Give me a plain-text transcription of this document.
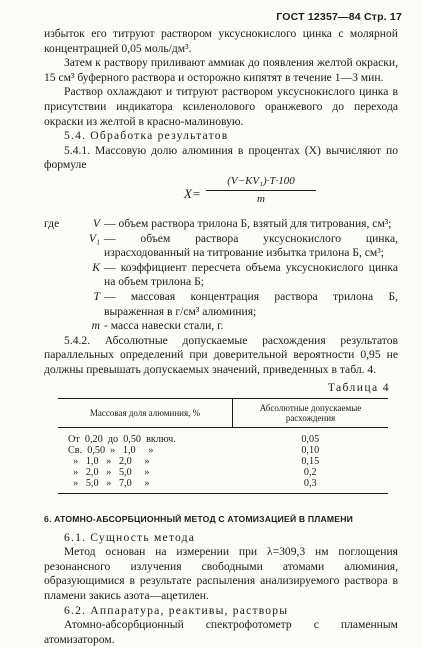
ГОСТ 12357—84 Стр. 17

избыток его титруют раствором уксуснокислого цинка с молярной концентрацией 0,05 моль/дм³.

Затем к раствору приливают аммиак до появления желтой окраски, 15 см³ буферного раствора и осторожно кипятят в течение 1—3 мин.

Раствор охлаждают и титруют раствором уксуснокислого цинка в присутствии индикатора ксиленолового оранжевого до перехода окраски из желтой в красно-малиновую.

5.4. Обработка результатов

5.4.1. Массовую долю алюминия в процентах (X) вычисляют по формуле

$X= \frac{\text{(V−KV₁)·T·100}}{m}$
где	V — объем раствора трилона Б, взятый для титрования, см³;
V₁ — объем раствора уксуснокислого цинка, израсходованный на титрование избытка трилона Б, см³;
K — коэффициент пересчета объема уксуснокислого цинка на объем трилона Б;
T — массовая концентрация раствора трилона Б, выраженная в г/см³ алюминия;
m - масса навески стали, г.

5.4.2. Абсолютные допускаемые расхождения результатов параллельных определений при доверительной вероятности 0,95 не должны превышать допускаемых значений, приведенных в табл. 4.

Таблица 4
Массовая доля алюминия, %	Абсолютные допускаемые расхождения
От  0,20  до  0,50  включ.	0,05
Св.  0,50  »   1,0     »	0,10
»   1,0   »   2,0     »	0,15
»   2,0   »   5,0     »	0,2
»   5,0   »   7,0     »	0,3

6. АТОМНО-АБСОРБЦИОННЫЙ МЕТОД С АТОМИЗАЦИЕЙ В ПЛАМЕНИ

6.1. Сущность метода

Метод основан на измерении при λ=309,3 нм поглощения резонансного излучения свободными атомами алюминия, образующимися в результате распыления анализируемого раствора в пламени закись азота—ацетилен.

6.2. Аппаратура, реактивы, растворы

Атомно-абсорбционный спектрофотометр с пламенным атомизатором.
